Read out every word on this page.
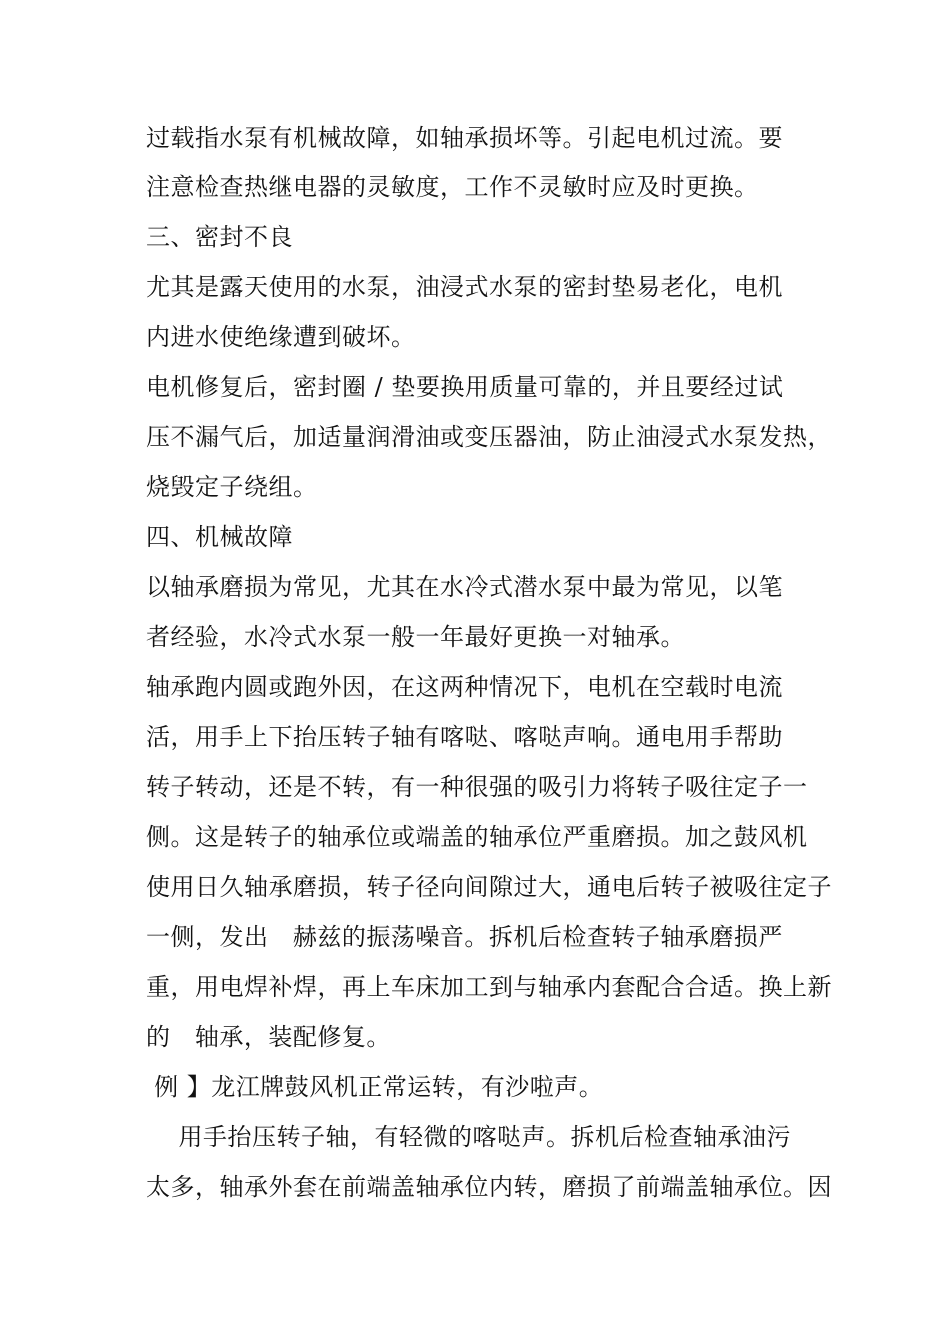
过载指水泵有机械故障，如轴承损坏等。引起电机过流。要
注意检查热继电器的灵敏度，工作不灵敏时应及时更换。
三、密封不良
尤其是露天使用的水泵，油浸式水泵的密封垫易老化，电机
内进水使绝缘遭到破坏。
电机修复后，密封圈 / 垫要换用质量可靠的，并且要经过试
压不漏气后，加适量润滑油或变压器油，防止油浸式水泵发热，
烧毁定子绕组。
四、机械故障
以轴承磨损为常见，尤其在水冷式潜水泵中最为常见，以笔
者经验，水冷式水泵一般一年最好更换一对轴承。
轴承跑内圆或跑外因，在这两种情况下，电机在空载时电流
活，用手上下抬压转子轴有喀哒、喀哒声响。通电用手帮助
转子转动，还是不转，有一种很强的吸引力将转子吸往定子一
侧。这是转子的轴承位或端盖的轴承位严重磨损。加之鼓风机
使用日久轴承磨损，转子径向间隙过大，通电后转子被吸往定子
一侧，发出   赫兹的振荡噪音。拆机后检查转子轴承磨损严
重，用电焊补焊，再上车床加工到与轴承内套配合合适。换上新
的   轴承，装配修复。
例 】龙江牌鼓风机正常运转，有沙啦声。
用手抬压转子轴，有轻微的喀哒声。拆机后检查轴承油污
太多，轴承外套在前端盖轴承位内转，磨损了前端盖轴承位。因
